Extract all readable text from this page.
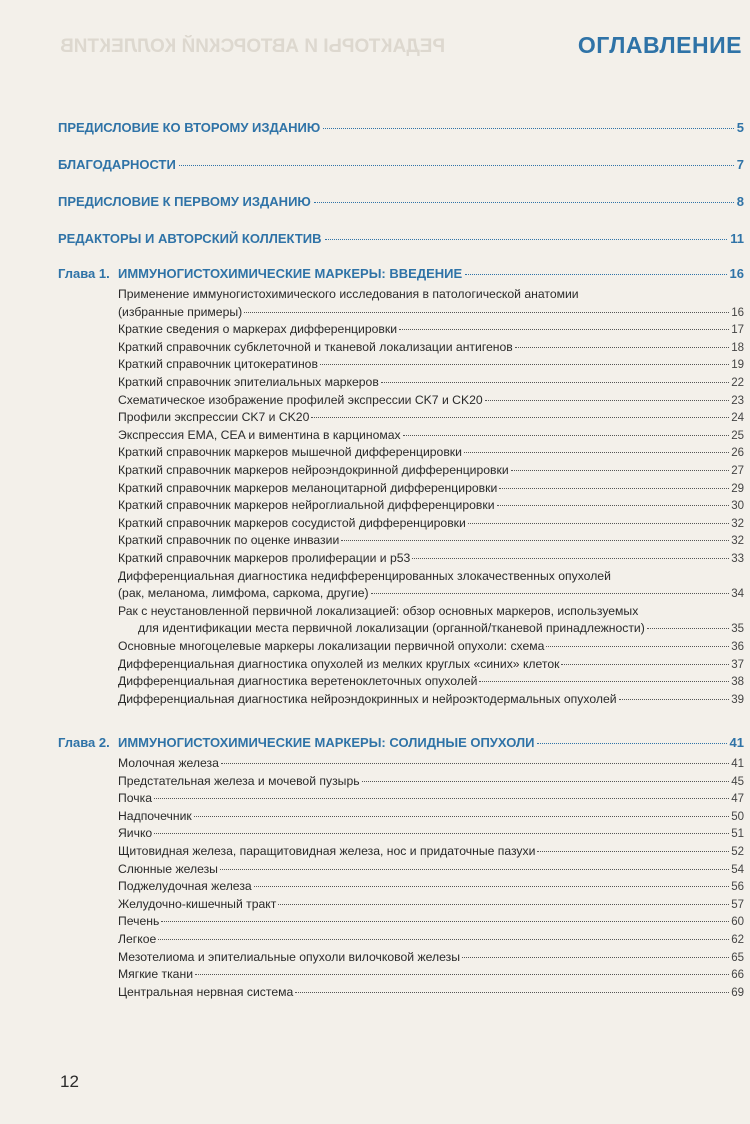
РЕДАКТОРЫ И АВТОРСКИЙ КОЛЛЕКТИВ	ОГЛАВЛЕНИЕ
ПРЕДИСЛОВИЕ КО ВТОРОМУ ИЗДАНИЮ	5
БЛАГОДАРНОСТИ	7
ПРЕДИСЛОВИЕ К ПЕРВОМУ ИЗДАНИЮ	8
РЕДАКТОРЫ И АВТОРСКИЙ КОЛЛЕКТИВ	11
Глава 1. ИММУНОГИСТОХИМИЧЕСКИЕ МАРКЕРЫ: ВВЕДЕНИЕ	16
Применение иммуногистохимического исследования в патологической анатомии
(избранные примеры)	16
Краткие сведения о маркерах дифференцировки	17
Краткий справочник субклеточной и тканевой локализации антигенов	18
Краткий справочник цитокератинов	19
Краткий справочник эпителиальных маркеров	22
Схематическое изображение профилей экспрессии CK7 и CK20	23
Профили экспрессии CK7 и CK20	24
Экспрессия EMA, CEA и виментина в карциномах	25
Краткий справочник маркеров мышечной дифференцировки	26
Краткий справочник маркеров нейроэндокринной дифференцировки	27
Краткий справочник маркеров меланоцитарной дифференцировки	29
Краткий справочник маркеров нейроглиальной дифференцировки	30
Краткий справочник маркеров сосудистой дифференцировки	32
Краткий справочник по оценке инвазии	32
Краткий справочник маркеров пролиферации и p53	33
Дифференциальная диагностика недифференцированных злокачественных опухолей
(рак, меланома, лимфома, саркома, другие)	34
Рак с неустановленной первичной локализацией: обзор основных маркеров, используемых
для идентификации места первичной локализации (органной/тканевой принадлежности)	35
Основные многоцелевые маркеры локализации первичной опухоли: схема	36
Дифференциальная диагностика опухолей из мелких круглых «синих» клеток	37
Дифференциальная диагностика веретеноклеточных опухолей	38
Дифференциальная диагностика нейроэндокринных и нейроэктодермальных опухолей	39
Глава 2. ИММУНОГИСТОХИМИЧЕСКИЕ МАРКЕРЫ: СОЛИДНЫЕ ОПУХОЛИ	41
Молочная железа	41
Предстательная железа и мочевой пузырь	45
Почка	47
Надпочечник	50
Яичко	51
Щитовидная железа, паращитовидная железа, нос и придаточные пазухи	52
Слюнные железы	54
Поджелудочная железа	56
Желудочно-кишечный тракт	57
Печень	60
Легкое	62
Мезотелиома и эпителиальные опухоли вилочковой железы	65
Мягкие ткани	66
Центральная нервная система	69
12
